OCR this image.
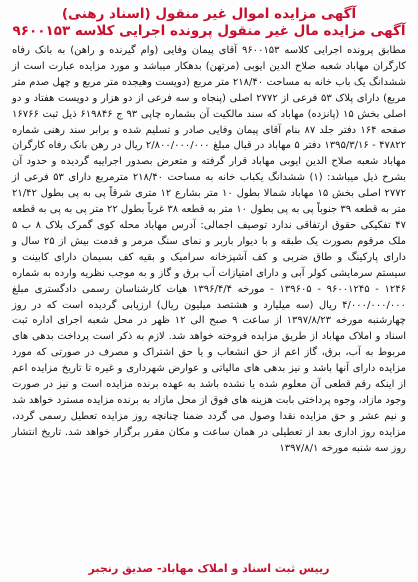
آگهی مزایده اموال غیر منقول (اسناد رهنی)
آگهی مزایده مال غیر منقول پرونده اجرایی کلاسه ۹۶۰۰۱۵۳

مطابق پرونده اجرایی کلاسه ۹۶۰۰۱۵۳ آقای پیمان وفایی (وام گیرنده و راهن) به بانک رفاه کارگران مهاباد شعبه صلاح الدین ایوبی (مرتهن) بدهکار میباشد و مورد مزایده عبارت است از ششدانگ یک باب خانه به مساحت ۲۱۸/۴۰ متر مربع (دویست وهیجده متر مربع و چهل صدم متر مربع) دارای پلاک ۵۳ فرعی از ۲۷۷۲ اصلی (پنجاه و سه فرعی از دو هزار و دویست هفتاد و دو اصلی بخش ۱۵ (پانزده) مهاباد که سند مالکیت آن بشماره چاپی ۹۳ ج ۶۱۹۸۴۶ ذیل ثبت ۱۶۷۶۶ صفحه ۱۶۴ دفتر جلد ۸۷ بنام آقای پیمان وفایی صادر و تسلیم شده و برابر سند رهنی شماره ۴۷۸۲۲ - ۱۳۹۵/۳/۱۶ دفتر ۵ مهاباد در قبال مبلغ ۲/۸۰۰/۰۰۰/۰۰۰ ریال در رهن بانک رفاه کارگران مهاباد شعبه صلاح الدین ایوبی مهاباد قرار گرفته و متعرض بصدور اجراییه گردیده و حدود آن بشرح ذیل میباشد: (۱) ششدانگ یکباب خانه به مساحت ۲۱۸/۴۰ مترمربع دارای ۵۳ فرعی از ۲۷۷۲ اصلی بخش ۱۵ مهاباد شمالا بطول ۱۰ متر بشارع ۱۲ متری شرقاً پی به پی بطول ۲۱/۴۲ متر به قطعه ۳۹ جنوباً پی به پی بطول ۱۰ متر به قطعه ۳۸ غرباً بطول ۲۲ متر پی به پی به قطعه ۴۷ تفکیکی حقوق ارتفاقی ندارد توصیف اجمالی: آدرس مهاباد محله کوی گمرک بلاک ۸ ب ۵ ملک مرقوم بصورت یک طبقه و با دیوار باربر و نمای سنگ مرمر و قدمت بیش از ۲۵ سال و دارای پارکینگ و طاق ضربی و کف آشپزخانه سرامیک و بقیه کف بسیمان دارای کابینت و سیستم سرمایشی کولر آبی و دارای امتیازات آب برق و گاز و به موجب نظریه وارده به شماره ۱۲۴۶ - ۹۶۰۰۱۲۴۵ - ۱۳۹۶۰۵ - مورخه ۱۳۹۶/۴/۴ هیات کارشناسان رسمی دادگستری مبلغ ۴/۰۰۰/۰۰۰/۰۰۰ ریال (سه میلیارد و هشتصد میلیون ریال) ارزیابی گردیده است که در روز چهارشنبه مورخه ۱۳۹۷/۸/۲۳ از ساعت ۹ صبح الی ۱۲ ظهر در محل شعبه اجرای اداره ثبت اسناد و املاک مهاباد از طریق مزایده فروخته خواهد شد. لازم به ذکر است پرداخت بدهی های مربوط به آب، برق، گاز اعم از حق انشعاب و یا حق اشتراک و مصرف در صورتی که مورد مزایده دارای آنها باشد و نیز بدهی های مالیاتی و عوارض شهرداری و غیره تا تاریخ مزایده اعم از اینکه رقم قطعی آن معلوم شده یا نشده باشد به عهده برنده مزایده است و نیز در صورت وجود مازاد، وجوه پرداختی بابت هزینه های فوق از محل مازاد به برنده مزایده مسترد خواهد شد و نیم عشر و حق مزایده نقدا وصول می گردد ضمنا چنانچه روز مزایده تعطیل رسمی گردد، مزایده روز اداری بعد از تعطیلی در همان ساعت و مکان مقرر برگزار خواهد شد. تاریخ انتشار روز سه شنبه مورخه ۱۳۹۷/۸/۱

رییس ثبت اسناد و املاک مهاباد- صدیق رنجبر
